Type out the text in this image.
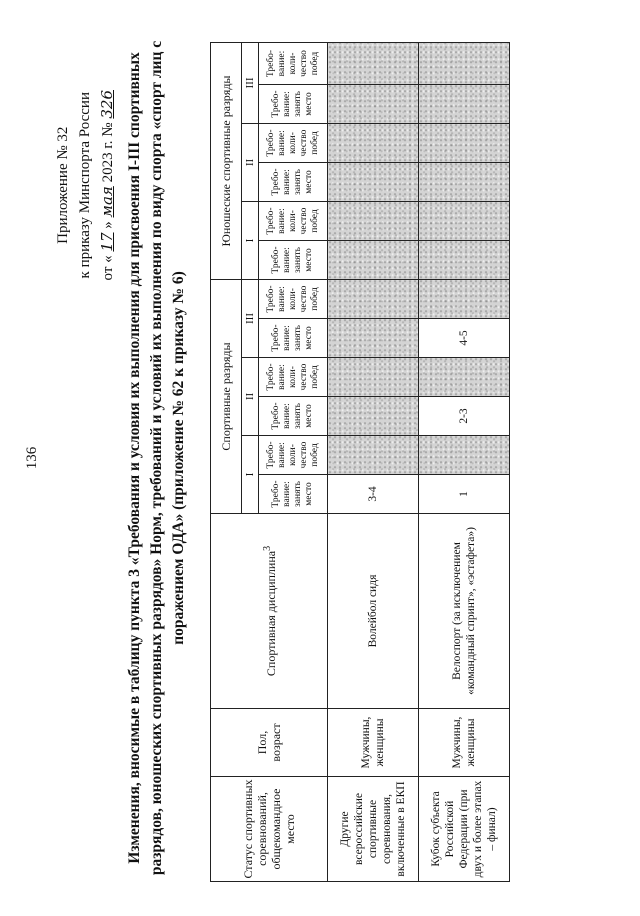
136
Приложение № 32 к приказу Минспорта России от « 17 » мая 2023 г. № 326 Изменения, вносимые в таблицу пункта 3 «Требования и условия их выполнения для присвоения I-III спортивных разрядов, юношеских спортивных разрядов» Норм, требований и условий их выполнения по виду спорта «спорт лиц с поражением ОДА» (приложение № 62 к приказу № 6)
Статус спортивных соревнований, общекомандное место	Пол, возраст	Спортивная дисциплина$^3$	Спортивные разряды						Юношеские спортивные разряды					
			I		II		III		I		II		III	
			Требо-вание: занять место	Требо-вание: коли-чество побед	Требо-вание: занять место	Требо-вание: коли-чество побед	Требо-вание: занять место	Требо-вание: коли-чество побед	Требо-вание: занять место	Требо-вание: коли-чество побед	Требо-вание: занять место	Требо-вание: коли-чество побед	Требо-вание: занять место	Требо-вание: коли-чество побед
Другие всероссийские спортивные соревнования, включенные в ЕКП	Мужчины, женщины	Волейбол сидя	3-4											
Кубок субъекта Российской Федерации (при двух и более этапах – финал)	Мужчины, женщины	Велоспорт (за исключением «командный спринт», «эстафета»)	1		2-3		4-5							
